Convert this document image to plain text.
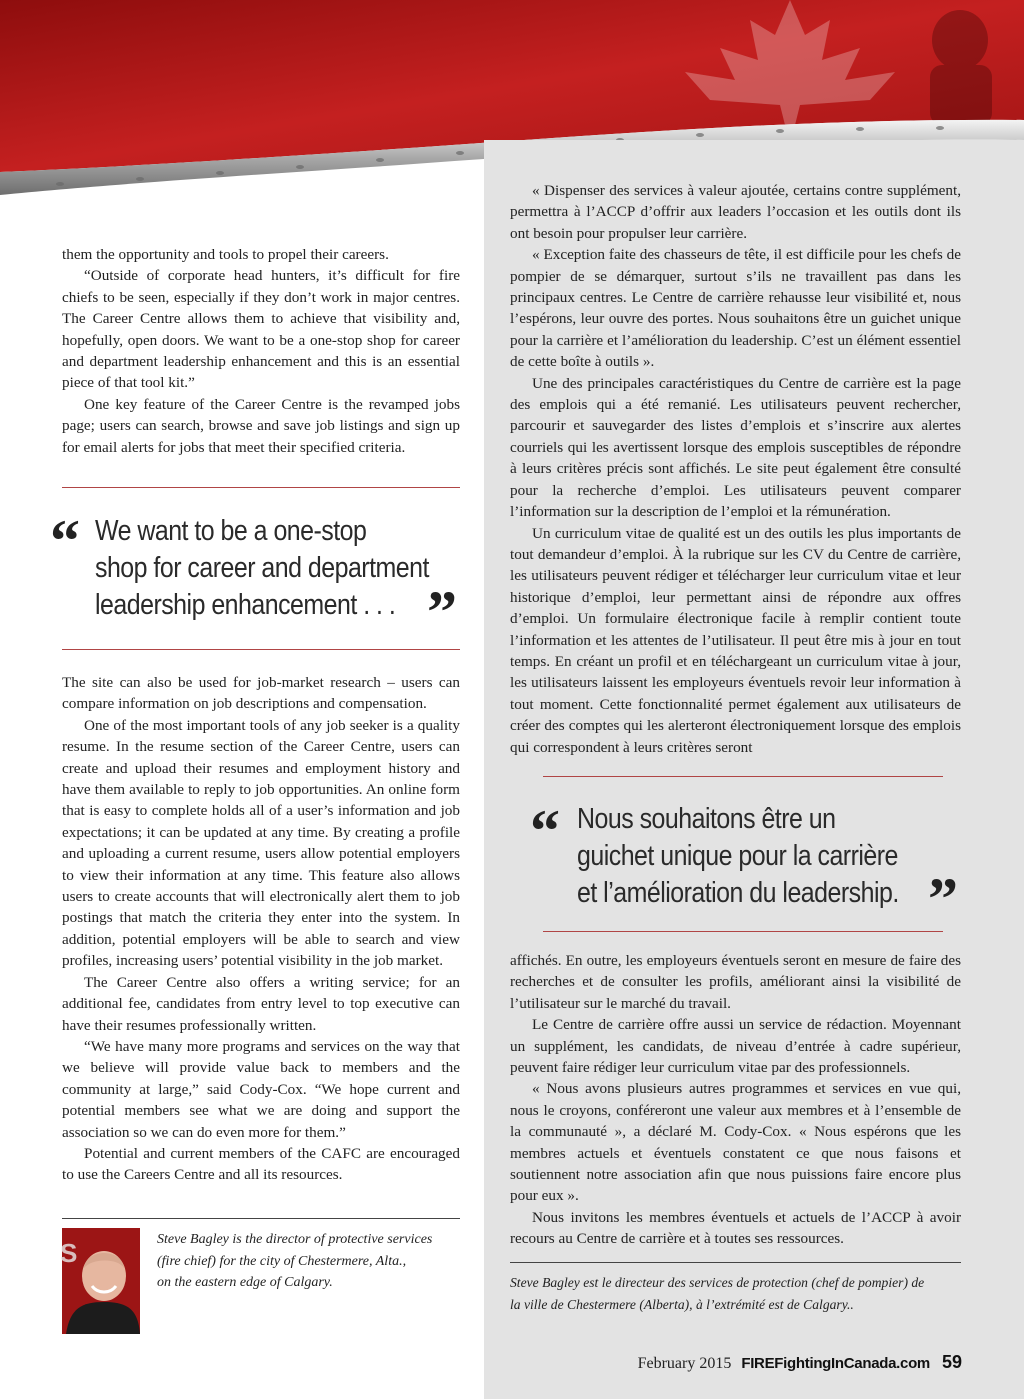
them the opportunity and tools to propel their careers.

“Outside of corporate head hunters, it’s difficult for fire chiefs to be seen, especially if they don’t work in major centres. The Career Centre allows them to achieve that visibility and, hopefully, open doors. We want to be a one-stop shop for career and department leadership enhancement and this is an essential piece of that tool kit.”

One key feature of the Career Centre is the revamped jobs page; users can search, browse and save job listings and sign up for email alerts for jobs that meet their specified criteria.

“ We want to be a one-stop
shop for career and department
leadership enhancement . . . ”

The site can also be used for job-market research – users can compare information on job descriptions and compensation.

One of the most important tools of any job seeker is a quality resume. In the resume section of the Career Centre, users can create and upload their resumes and employment history and have them available to reply to job opportunities. An online form that is easy to complete holds all of a user’s information and job expectations; it can be updated at any time. By creating a profile and uploading a current resume, users allow potential employers to view their information at any time. This feature also allows users to create accounts that will electronically alert them to job postings that match the criteria they enter into the system. In addition, potential employers will be able to search and view profiles, increasing users’ potential visibility in the job market.

The Career Centre also offers a writing service; for an additional fee, candidates from entry level to top executive can have their resumes professionally written.

“We have many more programs and services on the way that we believe will provide value back to members and the community at large,” said Cody-Cox. “We hope current and potential members see what we are doing and support the association so we can do even more for them.”

Potential and current members of the CAFC are encouraged to use the Careers Centre and all its resources.

S	Steve Bagley is the director of protective services
(fire chief) for the city of Chestermere, Alta.,
on the eastern edge of Calgary.

« Dispenser des services à valeur ajoutée, certains contre supplément, permettra à l’ACCP d’offrir aux leaders l’occasion et les outils dont ils ont besoin pour propulser leur carrière.

« Exception faite des chasseurs de tête, il est difficile pour les chefs de pompier de se démarquer, surtout s’ils ne travaillent pas dans les principaux centres. Le Centre de carrière rehausse leur visibilité et, nous l’espérons, leur ouvre des portes. Nous souhaitons être un guichet unique pour la carrière et l’amélioration du leadership. C’est un élément essentiel de cette boîte à outils ».

Une des principales caractéristiques du Centre de carrière est la page des emplois qui a été remanié. Les utilisateurs peuvent rechercher, parcourir et sauvegarder des listes d’emplois et s’inscrire aux alertes courriels qui les avertissent lorsque des emplois susceptibles de répondre à leurs critères précis sont affichés. Le site peut également être consulté pour la recherche d’emploi. Les utilisateurs peuvent comparer l’information sur la description de l’emploi et la rémunération.

Un curriculum vitae de qualité est un des outils les plus importants de tout demandeur d’emploi. À la rubrique sur les CV du Centre de carrière, les utilisateurs peuvent rédiger et télécharger leur curriculum vitae et leur historique d’emploi, leur permettant ainsi de répondre aux offres d’emploi. Un formulaire électronique facile à remplir contient toute l’information et les attentes de l’utilisateur. Il peut être mis à jour en tout temps. En créant un profil et en téléchargeant un curriculum vitae à jour, les utilisateurs laissent les employeurs éventuels revoir leur information à tout moment. Cette fonctionnalité permet également aux utilisateurs de créer des comptes qui les alerteront électroniquement lorsque des emplois qui correspondent à leurs critères seront

“ Nous souhaitons être un
guichet unique pour la carrière
et l’amélioration du leadership. ”

affichés. En outre, les employeurs éventuels seront en mesure de faire des recherches et de consulter les profils, améliorant ainsi la visibilité de l’utilisateur sur le marché du travail.

Le Centre de carrière offre aussi un service de rédaction. Moyennant un supplément, les candidats, de niveau d’entrée à cadre supérieur, peuvent faire rédiger leur curriculum vitae par des professionnels.

« Nous avons plusieurs autres programmes et services en vue qui, nous le croyons, conféreront une valeur aux membres et à l’ensemble de la communauté », a déclaré M. Cody-Cox. « Nous espérons que les membres actuels et éventuels constatent ce que nous faisons et soutiennent notre association afin que nous puissions faire encore plus pour eux ».

Nous invitons les membres éventuels et actuels de l’ACCP à avoir recours au Centre de carrière et à toutes ses ressources.

Steve Bagley est le directeur des services de protection (chef de pompier) de
la ville de Chestermere (Alberta), à l’extrémité est de Calgary..
February 2015 FIREFightingInCanada.com 59
